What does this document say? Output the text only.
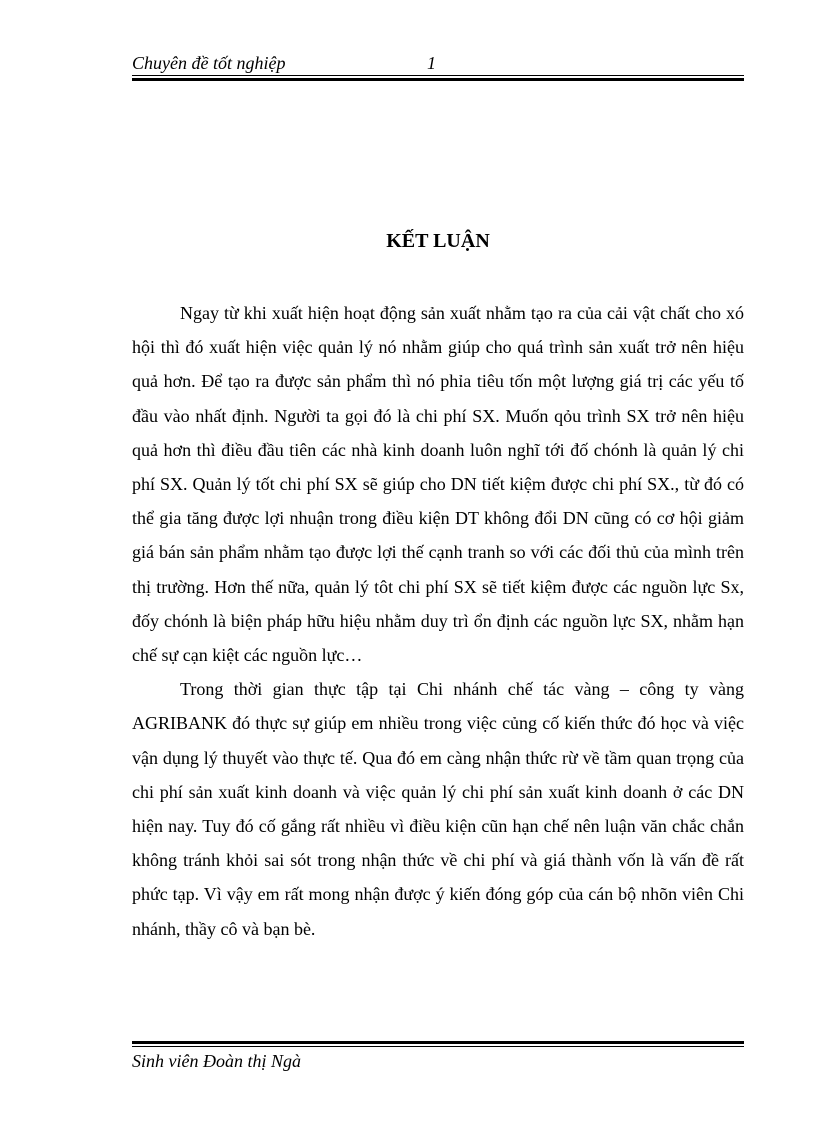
Chuyên đề tốt nghiệp	1
KẾT LUẬN

Ngay từ khi xuất hiện hoạt động sản xuất nhằm tạo ra của cải vật chất cho xó hội thì đó xuất hiện việc quản lý nó nhằm giúp cho quá trình sản xuất trở nên hiệu quả hơn. Để tạo ra được sản phẩm thì nó phỉa tiêu tốn một lượng giá trị các yếu tố đầu vào nhất định. Người ta gọi đó là chi phí SX. Muốn qỏu trình SX trở nên hiệu quả hơn thì điều đầu tiên các nhà kinh doanh luôn nghĩ tới đố chónh là quản lý chi phí SX. Quản lý tốt chi phí SX sẽ giúp cho DN tiết kiệm được chi phí SX., từ đó có thể gia tăng được lợi nhuận trong điều kiện DT không đổi DN cũng có cơ hội giảm giá bán sản phẩm nhằm tạo được lợi thế cạnh tranh so với các đối thủ của mình trên thị trường. Hơn thế nữa, quản lý tôt chi phí SX sẽ tiết kiệm được các nguồn lực Sx, đốy chónh là biện pháp hữu hiệu nhằm duy trì ổn định các nguồn lực SX, nhằm hạn chế sự cạn kiệt các nguồn lực…

Trong thời gian thực tập tại Chi nhánh chế tác vàng – công ty vàng AGRIBANK đó thực sự giúp em nhiều trong việc củng cố kiến thức đó học và việc vận dụng lý thuyết vào thực tế. Qua đó em càng nhận thức rừ về tầm quan trọng của chi phí sản xuất kinh doanh và việc quản lý chi phí sản xuất kinh doanh ở các DN hiện nay. Tuy đó cố gắng rất nhiều vì điều kiện cũn hạn chế nên luận văn chắc chắn không tránh khỏi sai sót trong nhận thức về chi phí và giá thành vốn là vấn đề rất phức tạp. Vì vậy em rất mong nhận được ý kiến đóng góp của cán bộ nhõn viên Chi nhánh, thầy cô và bạn bè.

Sinh viên Đoàn thị Ngà
